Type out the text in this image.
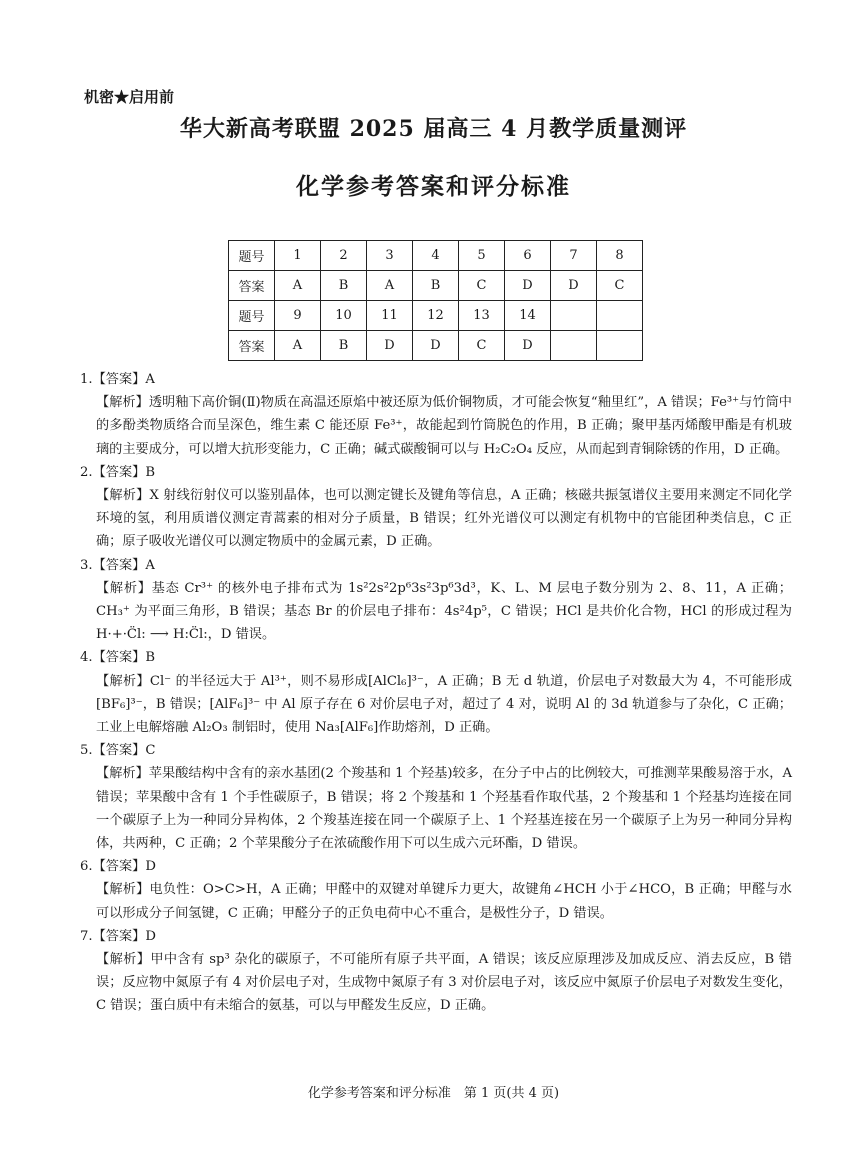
机密★启用前
华大新高考联盟 2025 届高三 4 月教学质量测评
化学参考答案和评分标准
题号	1	2	3	4	5	6	7	8
答案	A	B	A	B	C	D	D	C
题号	9	10	11	12	13	14		
答案	A	B	D	D	C	D		

1.【答案】A

【解析】透明釉下高价铜(Ⅱ)物质在高温还原焰中被还原为低价铜物质，才可能会恢复“釉里红”，A 错误；Fe³⁺与竹筒中的多酚类物质络合而呈深色，维生素 C 能还原 Fe³⁺，故能起到竹筒脱色的作用，B 正确；聚甲基丙烯酸甲酯是有机玻璃的主要成分，可以增大抗形变能力，C 正确；碱式碳酸铜可以与 H₂C₂O₄ 反应，从而起到青铜除锈的作用，D 正确。

2.【答案】B

【解析】X 射线衍射仪可以鉴别晶体，也可以测定键长及键角等信息，A 正确；核磁共振氢谱仪主要用来测定不同化学环境的氢，利用质谱仪测定青蒿素的相对分子质量，B 错误；红外光谱仪可以测定有机物中的官能团种类信息，C 正确；原子吸收光谱仪可以测定物质中的金属元素，D 正确。

3.【答案】A

【解析】基态 Cr³⁺ 的核外电子排布式为 1s²2s²2p⁶3s²3p⁶3d³，K、L、M 层电子数分别为 2、8、11，A 正确；CH₃⁺ 为平面三角形，B 错误；基态 Br 的价层电子排布：4s²4p⁵，C 错误；HCl 是共价化合物，HCl 的形成过程为H·+·C̈l: ⟶ H:C̈l:，D 错误。

4.【答案】B

【解析】Cl⁻ 的半径远大于 Al³⁺，则不易形成[AlCl₆]³⁻，A 正确；B 无 d 轨道，价层电子对数最大为 4，不可能形成[BF₆]³⁻，B 错误；[AlF₆]³⁻ 中 Al 原子存在 6 对价层电子对，超过了 4 对，说明 Al 的 3d 轨道参与了杂化，C 正确；工业上电解熔融 Al₂O₃ 制铝时，使用 Na₃[AlF₆]作助熔剂，D 正确。

5.【答案】C

【解析】苹果酸结构中含有的亲水基团(2 个羧基和 1 个羟基)较多，在分子中占的比例较大，可推测苹果酸易溶于水，A 错误；苹果酸中含有 1 个手性碳原子，B 错误；将 2 个羧基和 1 个羟基看作取代基，2 个羧基和 1 个羟基均连接在同一个碳原子上为一种同分异构体，2 个羧基连接在同一个碳原子上、1 个羟基连接在另一个碳原子上为另一种同分异构体，共两种，C 正确；2 个苹果酸分子在浓硫酸作用下可以生成六元环酯，D 错误。

6.【答案】D

【解析】电负性：O>C>H，A 正确；甲醛中的双键对单键斥力更大，故键角∠HCH 小于∠HCO，B 正确；甲醛与水可以形成分子间氢键，C 正确；甲醛分子的正负电荷中心不重合，是极性分子，D 错误。

7.【答案】D

【解析】甲中含有 sp³ 杂化的碳原子，不可能所有原子共平面，A 错误；该反应原理涉及加成反应、消去反应，B 错误；反应物中氮原子有 4 对价层电子对，生成物中氮原子有 3 对价层电子对，该反应中氮原子价层电子对数发生变化，C 错误；蛋白质中有未缩合的氨基，可以与甲醛发生反应，D 正确。

化学参考答案和评分标准　第 1 页(共 4 页)
